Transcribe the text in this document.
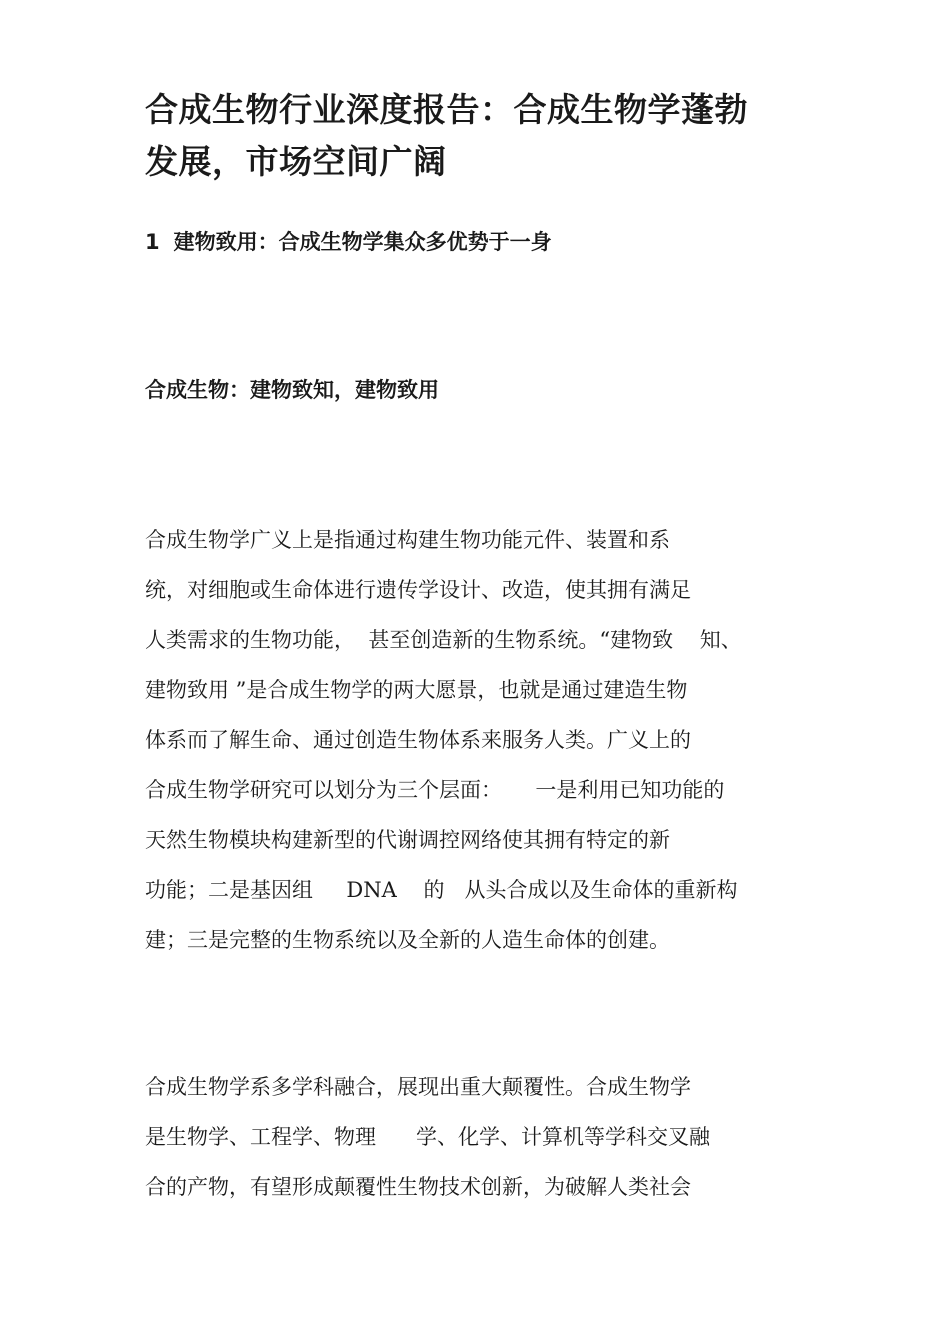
合成生物行业深度报告：合成生物学蓬勃
发展，市场空间广阔
1 建物致用：合成生物学集众多优势于一身
合成生物：建物致知，建物致用

合成生物学广义上是指通过构建生物功能元件、装置和系
统，对细胞或生命体进行遗传学设计、改造，使其拥有满足
人类需求的生物功能，  甚至创造新的生物系统。“建物致    知、
建物致用 ”是合成生物学的两大愿景，也就是通过建造生物
体系而了解生命、通过创造生物体系来服务人类。广义上的
合成生物学研究可以划分为三个层面：     一是利用已知功能的
天然生物模块构建新型的代谢调控网络使其拥有特定的新
功能；二是基因组     DNA    的   从头合成以及生命体的重新构
建；三是完整的生物系统以及全新的人造生命体的创建。

合成生物学系多学科融合，展现出重大颠覆性。合成生物学
是生物学、工程学、物理      学、化学、计算机等学科交叉融
合的产物，有望形成颠覆性生物技术创新，为破解人类社会
